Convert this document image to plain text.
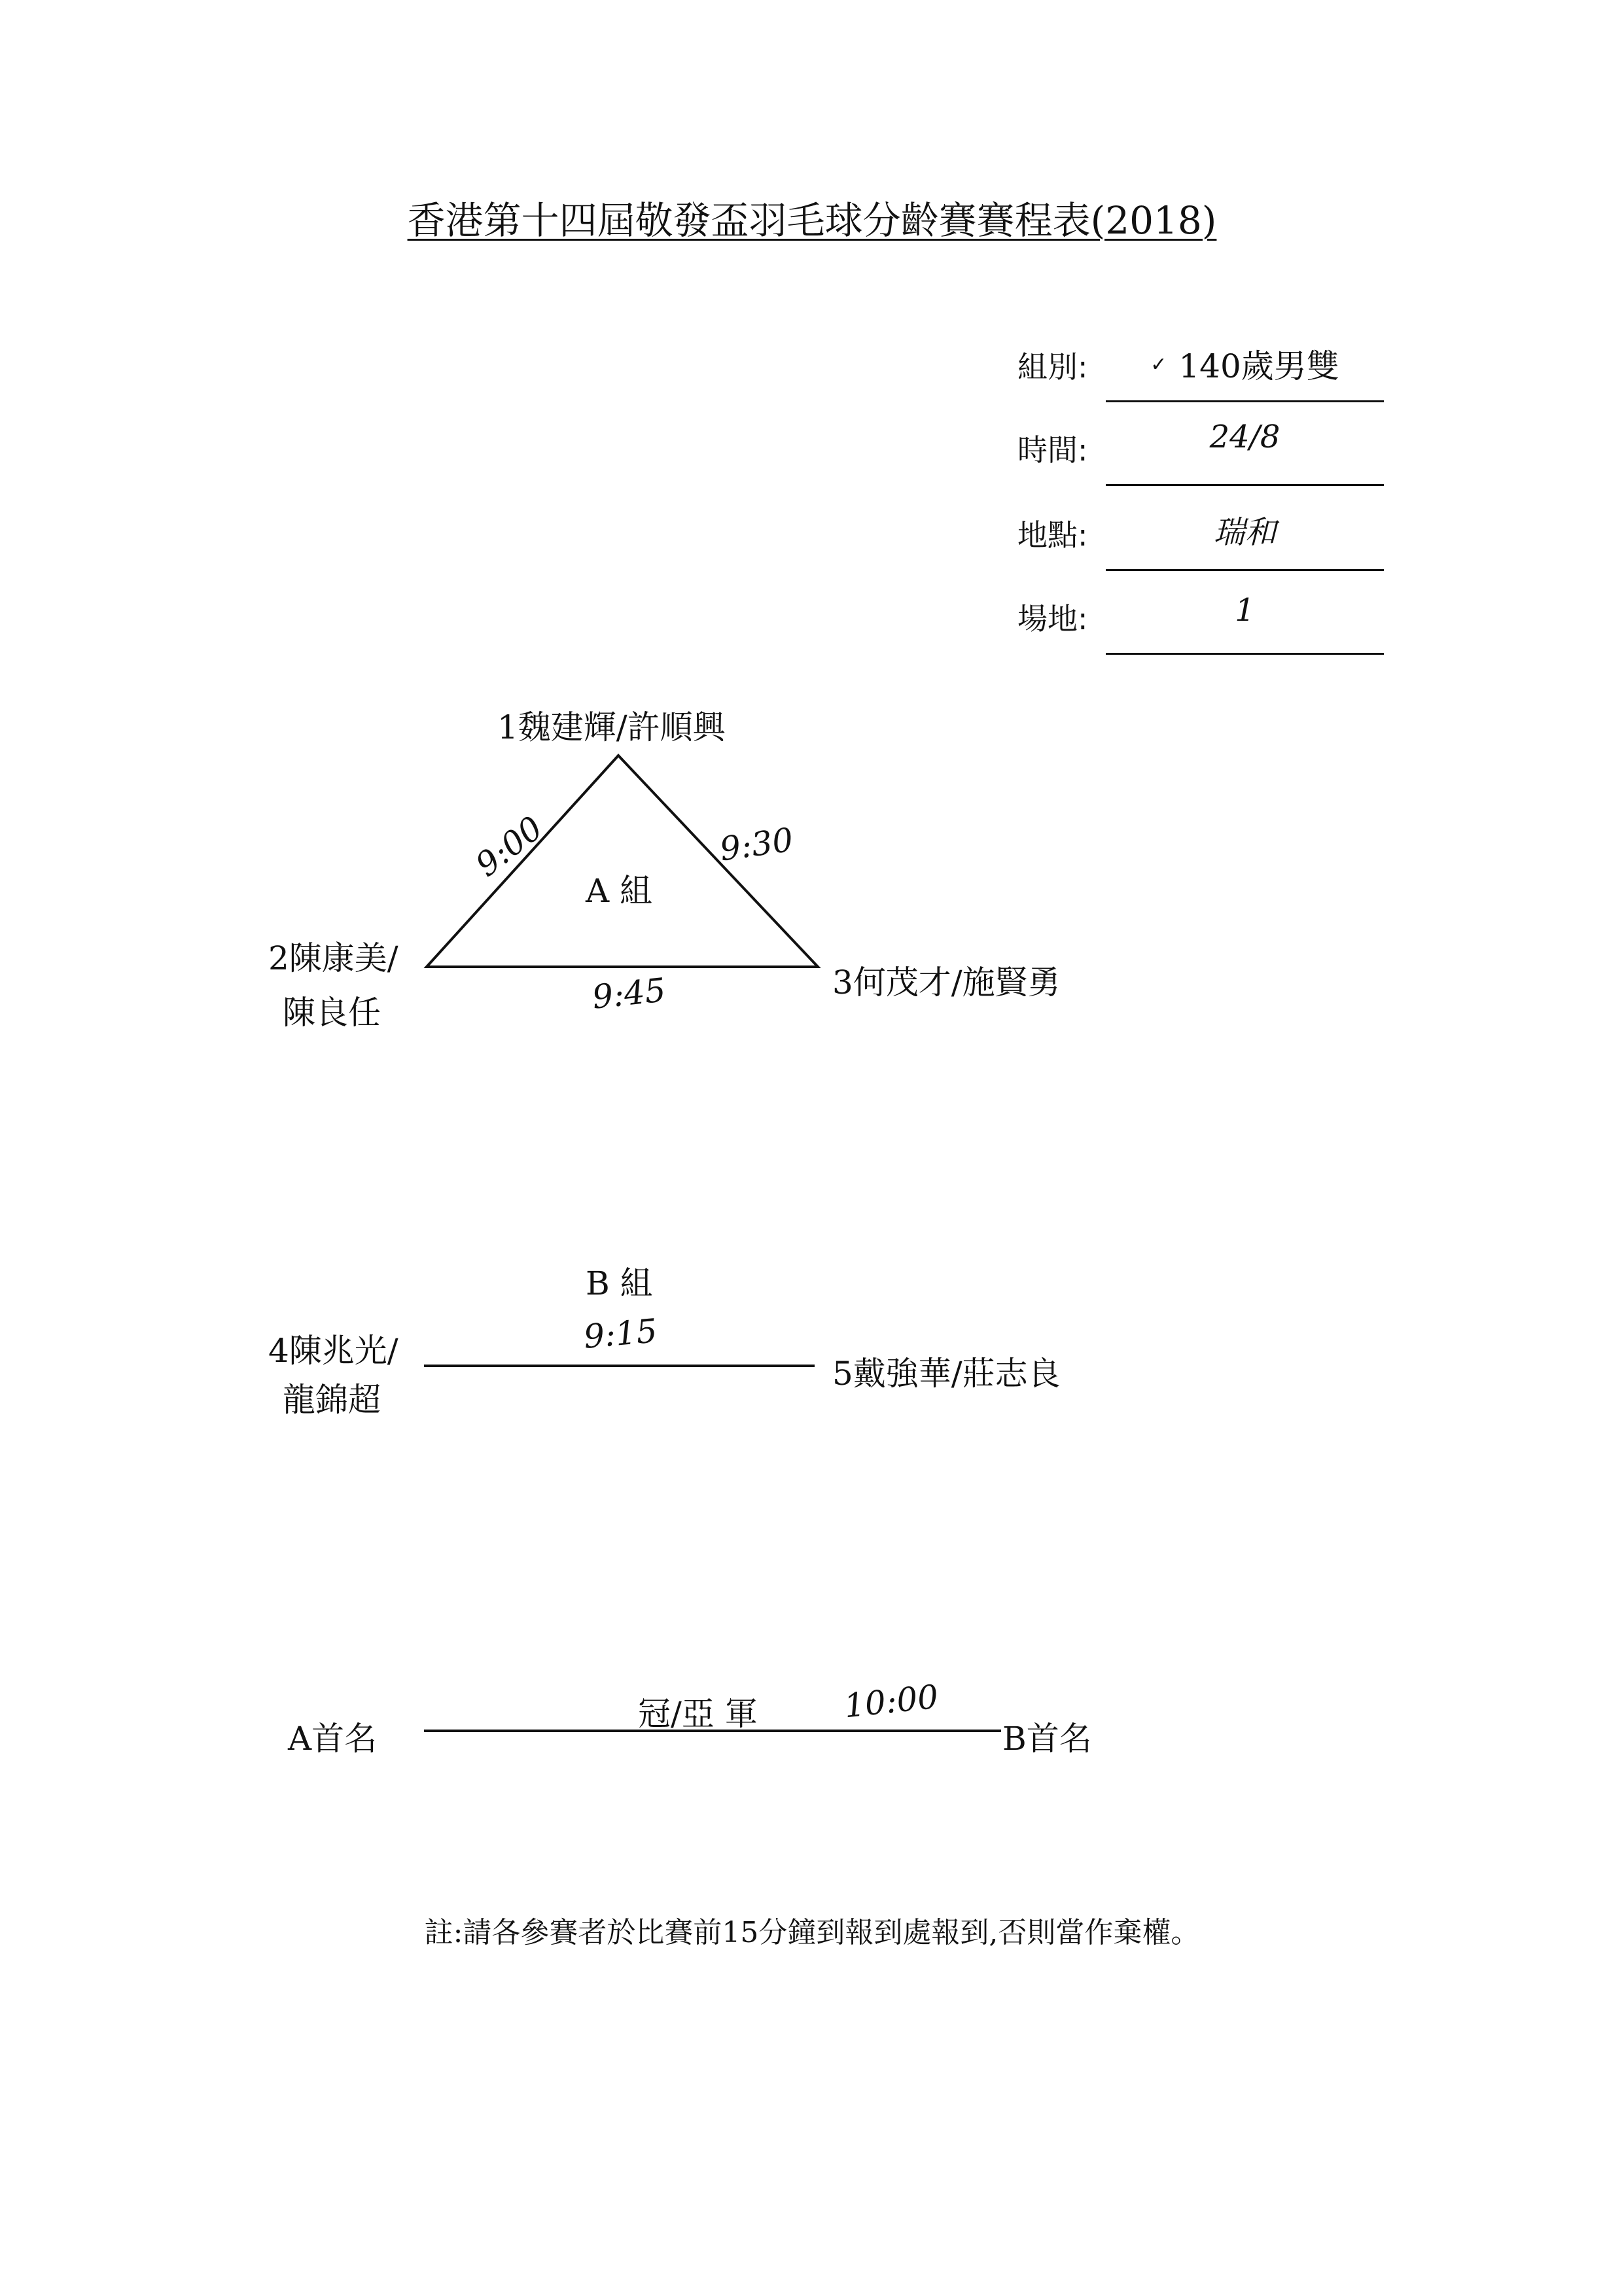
香港第十四屆敬發盃羽毛球分齡賽賽程表(2018)
組別:	✓ 140歲男雙
時間:	24/8
地點:	瑞和
場地:	1
1魏建輝/許順興
A 組
2陳康美/
陳良任
3何茂才/施賢勇
9:00	9:30
9:45
B 組
4陳兆光/
龍錦超
5戴強華/莊志良
9:15
A首名
冠/亞 軍	10:00
B首名
註:請各參賽者於比賽前15分鐘到報到處報到,否則當作棄權。
